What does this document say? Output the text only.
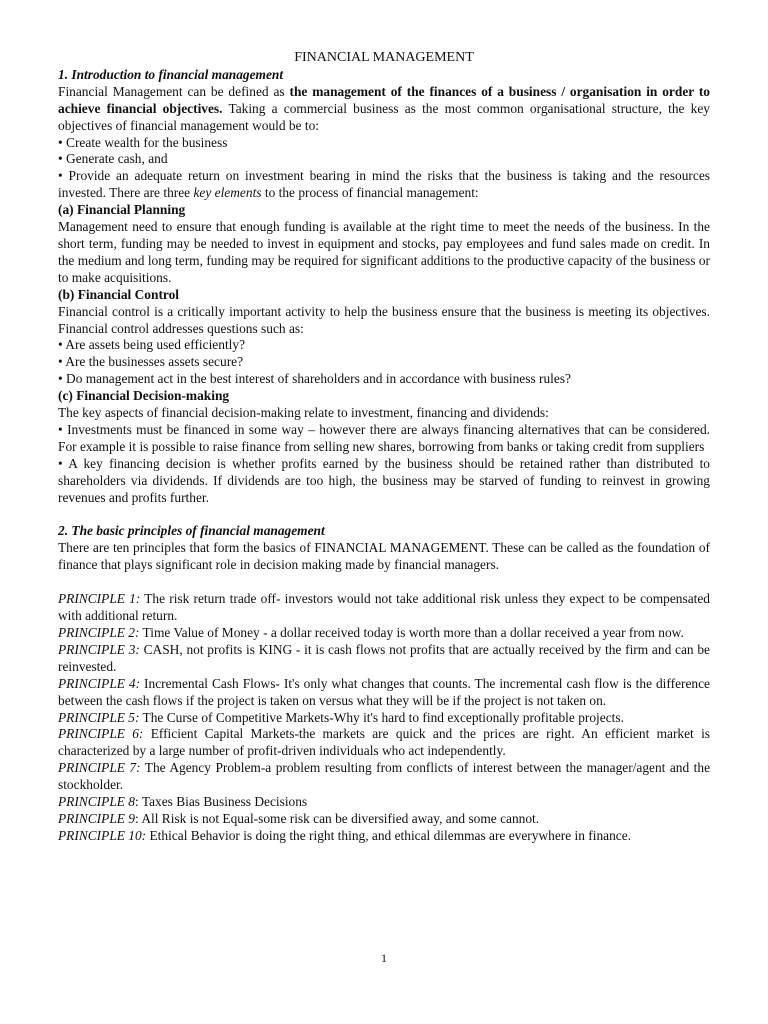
FINANCIAL MANAGEMENT

1. Introduction to financial management

Financial Management can be defined as the management of the finances of a business / organisation in order to achieve financial objectives. Taking a commercial business as the most common organisational structure, the key objectives of financial management would be to:

• Create wealth for the business

• Generate cash, and

• Provide an adequate return on investment bearing in mind the risks that the business is taking and the resources invested. There are three key elements to the process of financial management:

(a) Financial Planning

Management need to ensure that enough funding is available at the right time to meet the needs of the business. In the short term, funding may be needed to invest in equipment and stocks, pay employees and fund sales made on credit. In the medium and long term, funding may be required for significant additions to the productive capacity of the business or to make acquisitions.

(b) Financial Control

Financial control is a critically important activity to help the business ensure that the business is meeting its objectives. Financial control addresses questions such as:

• Are assets being used efficiently?

• Are the businesses assets secure?

• Do management act in the best interest of shareholders and in accordance with business rules?

(c) Financial Decision-making

The key aspects of financial decision-making relate to investment, financing and dividends:

• Investments must be financed in some way – however there are always financing alternatives that can be considered. For example it is possible to raise finance from selling new shares, borrowing from banks or taking credit from suppliers

• A key financing decision is whether profits earned by the business should be retained rather than distributed to shareholders via dividends. If dividends are too high, the business may be starved of funding to reinvest in growing revenues and profits further.

2. The basic principles of financial management

There are ten principles that form the basics of FINANCIAL MANAGEMENT. These can be called as the foundation of finance that plays significant role in decision making made by financial managers.

PRINCIPLE 1: The risk return trade off- investors would not take additional risk unless they expect to be compensated with additional return.

PRINCIPLE 2: Time Value of Money - a dollar received today is worth more than a dollar received a year from now.

PRINCIPLE 3: CASH, not profits is KING - it is cash flows not profits that are actually received by the firm and can be reinvested.

PRINCIPLE 4: Incremental Cash Flows- It's only what changes that counts. The incremental cash flow is the difference between the cash flows if the project is taken on versus what they will be if the project is not taken on.

PRINCIPLE 5: The Curse of Competitive Markets-Why it's hard to find exceptionally profitable projects.

PRINCIPLE 6: Efficient Capital Markets-the markets are quick and the prices are right. An efficient market is characterized by a large number of profit-driven individuals who act independently.

PRINCIPLE 7: The Agency Problem-a problem resulting from conflicts of interest between the manager/agent and the stockholder.

PRINCIPLE 8: Taxes Bias Business Decisions

PRINCIPLE 9: All Risk is not Equal-some risk can be diversified away, and some cannot.

PRINCIPLE 10: Ethical Behavior is doing the right thing, and ethical dilemmas are everywhere in finance.

1
